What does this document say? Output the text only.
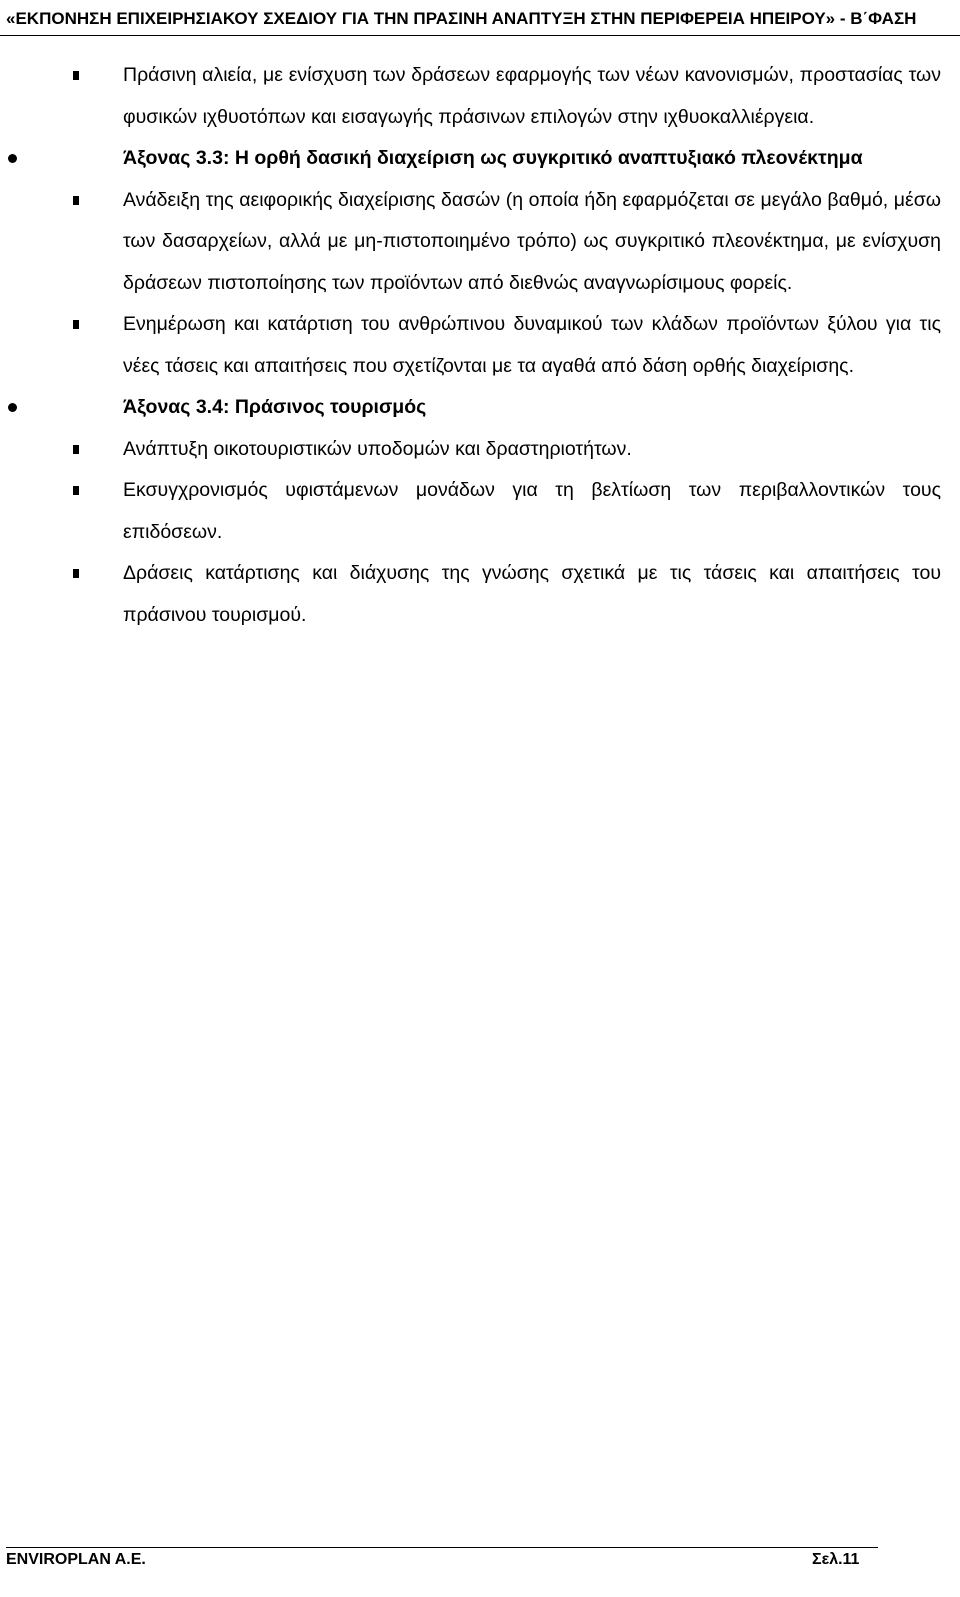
«ΕΚΠΟΝΗΣΗ ΕΠΙΧΕΙΡΗΣΙΑΚΟΥ ΣΧΕΔΙΟΥ ΓΙΑ ΤΗΝ ΠΡΑΣΙΝΗ ΑΝΑΠΤΥΞΗ ΣΤΗΝ ΠΕΡΙΦΕΡΕΙΑ ΗΠΕΙΡΟΥ» - Β΄ΦΑΣΗ
Πράσινη αλιεία, με ενίσχυση των δράσεων εφαρμογής των νέων κανονισμών, προστασίας των φυσικών ιχθυοτόπων και εισαγωγής πράσινων επιλογών στην ιχθυοκαλλιέργεια.
Άξονας 3.3: Η ορθή δασική διαχείριση ως συγκριτικό αναπτυξιακό πλεονέκτημα
Ανάδειξη της αειφορικής διαχείρισης δασών (η οποία ήδη εφαρμόζεται σε μεγάλο βαθμό, μέσω των δασαρχείων, αλλά με μη-πιστοποιημένο τρόπο) ως συγκριτικό πλεονέκτημα, με ενίσχυση δράσεων πιστοποίησης των προϊόντων από διεθνώς αναγνωρίσιμους φορείς.
Ενημέρωση και κατάρτιση του ανθρώπινου δυναμικού των κλάδων προϊόντων ξύλου για τις νέες τάσεις και απαιτήσεις που σχετίζονται με τα αγαθά από δάση ορθής διαχείρισης.
Άξονας 3.4: Πράσινος τουρισμός
Ανάπτυξη οικοτουριστικών υποδομών και δραστηριοτήτων.
Εκσυγχρονισμός υφιστάμενων μονάδων για τη βελτίωση των περιβαλλοντικών τους επιδόσεων.
Δράσεις κατάρτισης και διάχυσης της γνώσης σχετικά με τις τάσεις και απαιτήσεις του πράσινου τουρισμού.
ENVIROPLAN A.E.	Σελ.11
